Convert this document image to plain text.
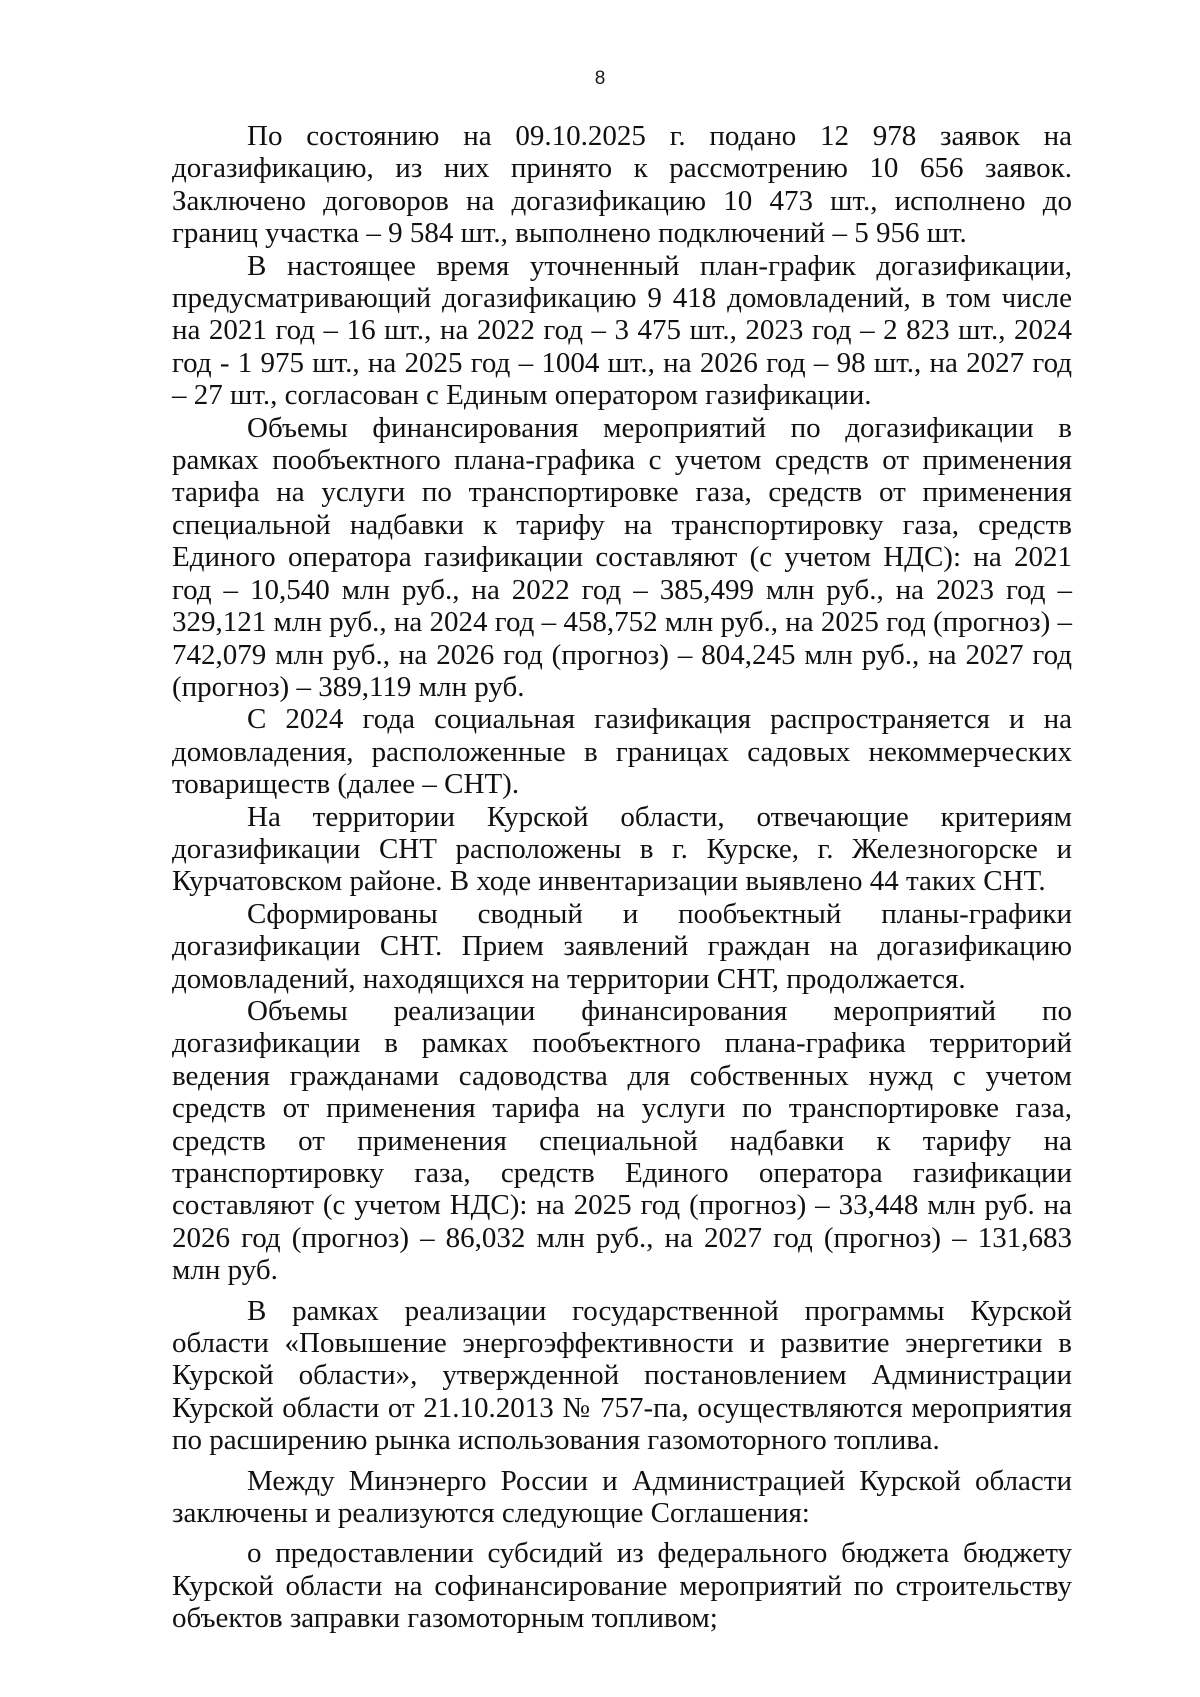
8

По состоянию на 09.10.2025 г. подано 12 978 заявок на догазификацию, из них принято к рассмотрению 10 656 заявок. Заключено договоров на догазификацию 10 473 шт., исполнено до границ участка – 9 584 шт., выполнено подключений – 5 956 шт.

В настоящее время уточненный план-график догазификации, предусматривающий догазификацию 9 418 домовладений, в том числе на 2021 год – 16 шт., на 2022 год – 3 475 шт., 2023 год – 2 823 шт., 2024 год - 1 975 шт., на 2025 год – 1004 шт., на 2026 год – 98 шт., на 2027 год – 27 шт., согласован с Единым оператором газификации.

Объемы финансирования мероприятий по догазификации в рамках пообъектного плана-графика с учетом средств от применения тарифа на услуги по транспортировке газа, средств от применения специальной надбавки к тарифу на транспортировку газа, средств Единого оператора газификации составляют (с учетом НДС): на 2021 год – 10,540 млн руб., на 2022 год – 385,499 млн руб., на 2023 год – 329,121 млн руб., на 2024 год – 458,752 млн руб., на 2025 год (прогноз) – 742,079 млн руб., на 2026 год (прогноз) – 804,245 млн руб., на 2027 год (прогноз) – 389,119 млн руб.

С 2024 года социальная газификация распространяется и на домовладения, расположенные в границах садовых некоммерческих товариществ (далее – СНТ).

На территории Курской области, отвечающие критериям догазификации СНТ расположены в г. Курске, г. Железногорске и Курчатовском районе. В ходе инвентаризации выявлено 44 таких СНТ.

Сформированы сводный и пообъектный планы-графики догазификации СНТ. Прием заявлений граждан на догазификацию домовладений, находящихся на территории СНТ, продолжается.

Объемы реализации финансирования мероприятий по догазификации в рамках пообъектного плана-графика территорий ведения гражданами садоводства для собственных нужд с учетом средств от применения тарифа на услуги по транспортировке газа, средств от применения специальной надбавки к тарифу на транспортировку газа, средств Единого оператора газификации составляют (с учетом НДС): на 2025 год (прогноз) – 33,448 млн руб. на 2026 год (прогноз) – 86,032 млн руб., на 2027 год (прогноз) – 131,683 млн руб.

В рамках реализации государственной программы Курской области «Повышение энергоэффективности и развитие энергетики в Курской области», утвержденной постановлением Администрации Курской области от 21.10.2013 № 757-па, осуществляются мероприятия по расширению рынка использования газомоторного топлива.

Между Минэнерго России и Администрацией Курской области заключены и реализуются следующие Соглашения:

о предоставлении субсидий из федерального бюджета бюджету Курской области на софинансирование мероприятий по строительству объектов заправки газомоторным топливом;
